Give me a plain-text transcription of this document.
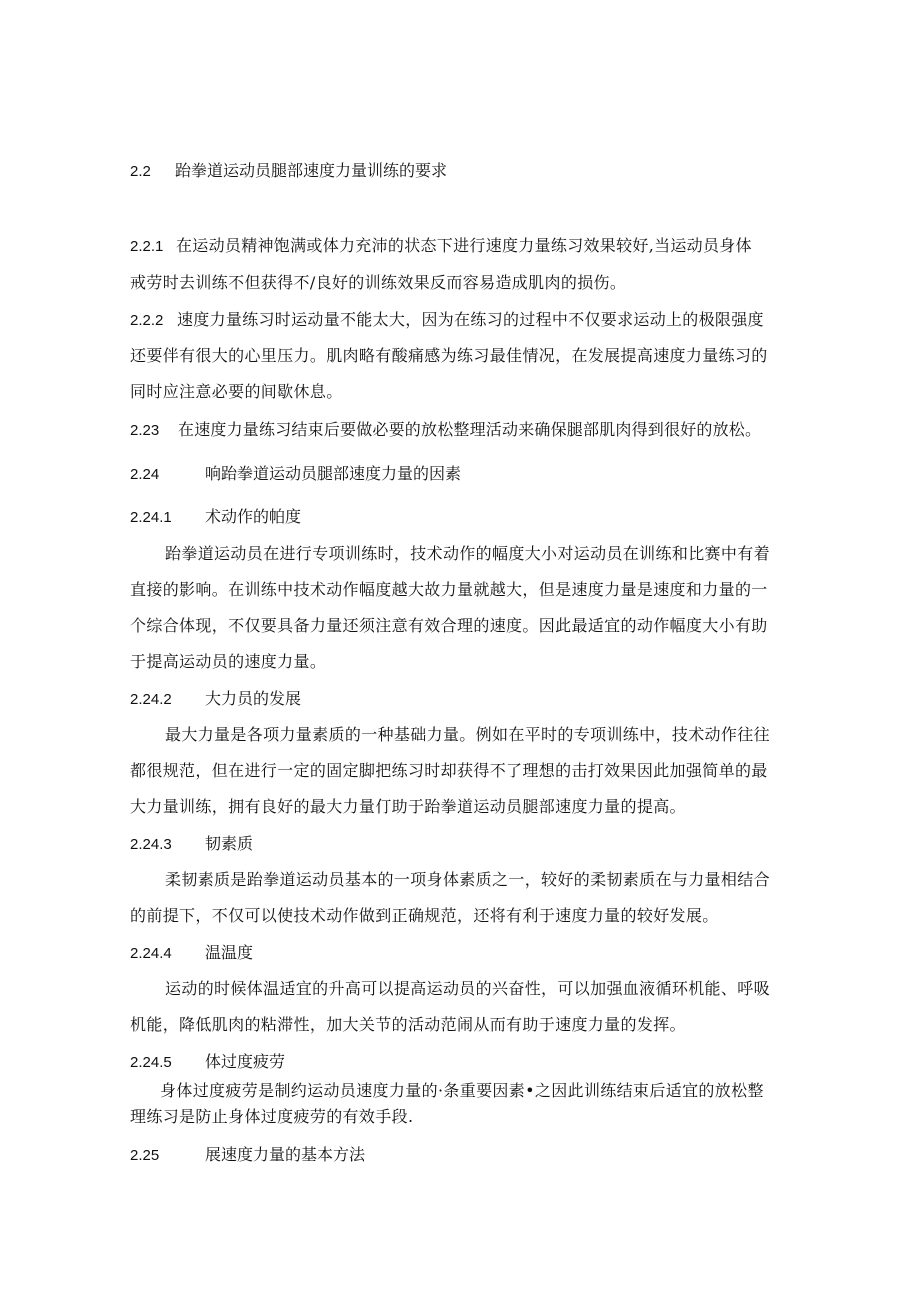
2.2 跆拳道运动员腿部速度力量训练的要求
2.2.1 在运动员精神饱满或体力充沛的状态下进行速度力量练习效果较好,当运动员身体
戒劳时去训练不但获得不/良好的训练效果反而容易造成肌肉的损伤。
2.2.2 速度力量练习时运动量不能太大，因为在练习的过程中不仅要求运动上的极限强度
还要伴有很大的心里压力。肌肉略有酸痛感为练习最佳情况，在发展提高速度力量练习的
同时应注意必要的间歇休息。
2.23 在速度力量练习结束后要做必要的放松整理活动来确保腿部肌肉得到很好的放松。
2.24	响跆拳道运动员腿部速度力量的因素
2.24.1 术动作的帕度
跆拳道运动员在进行专项训练时，技术动作的幅度大小对运动员在训练和比赛中有着
直接的影响。在训练中技术动作幅度越大故力量就越大，但是速度力量是速度和力量的一
个综合体现，不仅要具备力量还须注意有效合理的速度。因此最适宜的动作幅度大小有助
于提高运动员的速度力量。
2.24.2 大力员的发展
最大力量是各项力量素质的一种基础力量。例如在平时的专项训练中，技术动作往往
都很规范，但在进行一定的固定脚把练习时却获得不了理想的击打效果因此加强简单的最
大力量训练，拥有良好的最大力量仃助于跆拳道运动员腿部速度力量的提高。
2.24.3 韧素质
柔韧素质是跆拳道运动员基本的一项身体素质之一，较好的柔韧素质在与力量相结合
的前提下，不仅可以使技术动作做到正确规范，还将有利于速度力量的较好发展。
2.24.4 温温度
运动的时候体温适宜的升高可以提高运动员的兴奋性，可以加强血液循环机能、呼吸
机能，降低肌肉的粘滞性，加大关节的活动范闹从而有助于速度力量的发挥。
2.24.5 体过度疲劳
身体过度疲劳是制约运动员速度力量的·条重要因素•之因此训练结束后适宜的放松整
理练习是防止身体过度疲劳的有效手段.
2.25	展速度力量的基本方法
